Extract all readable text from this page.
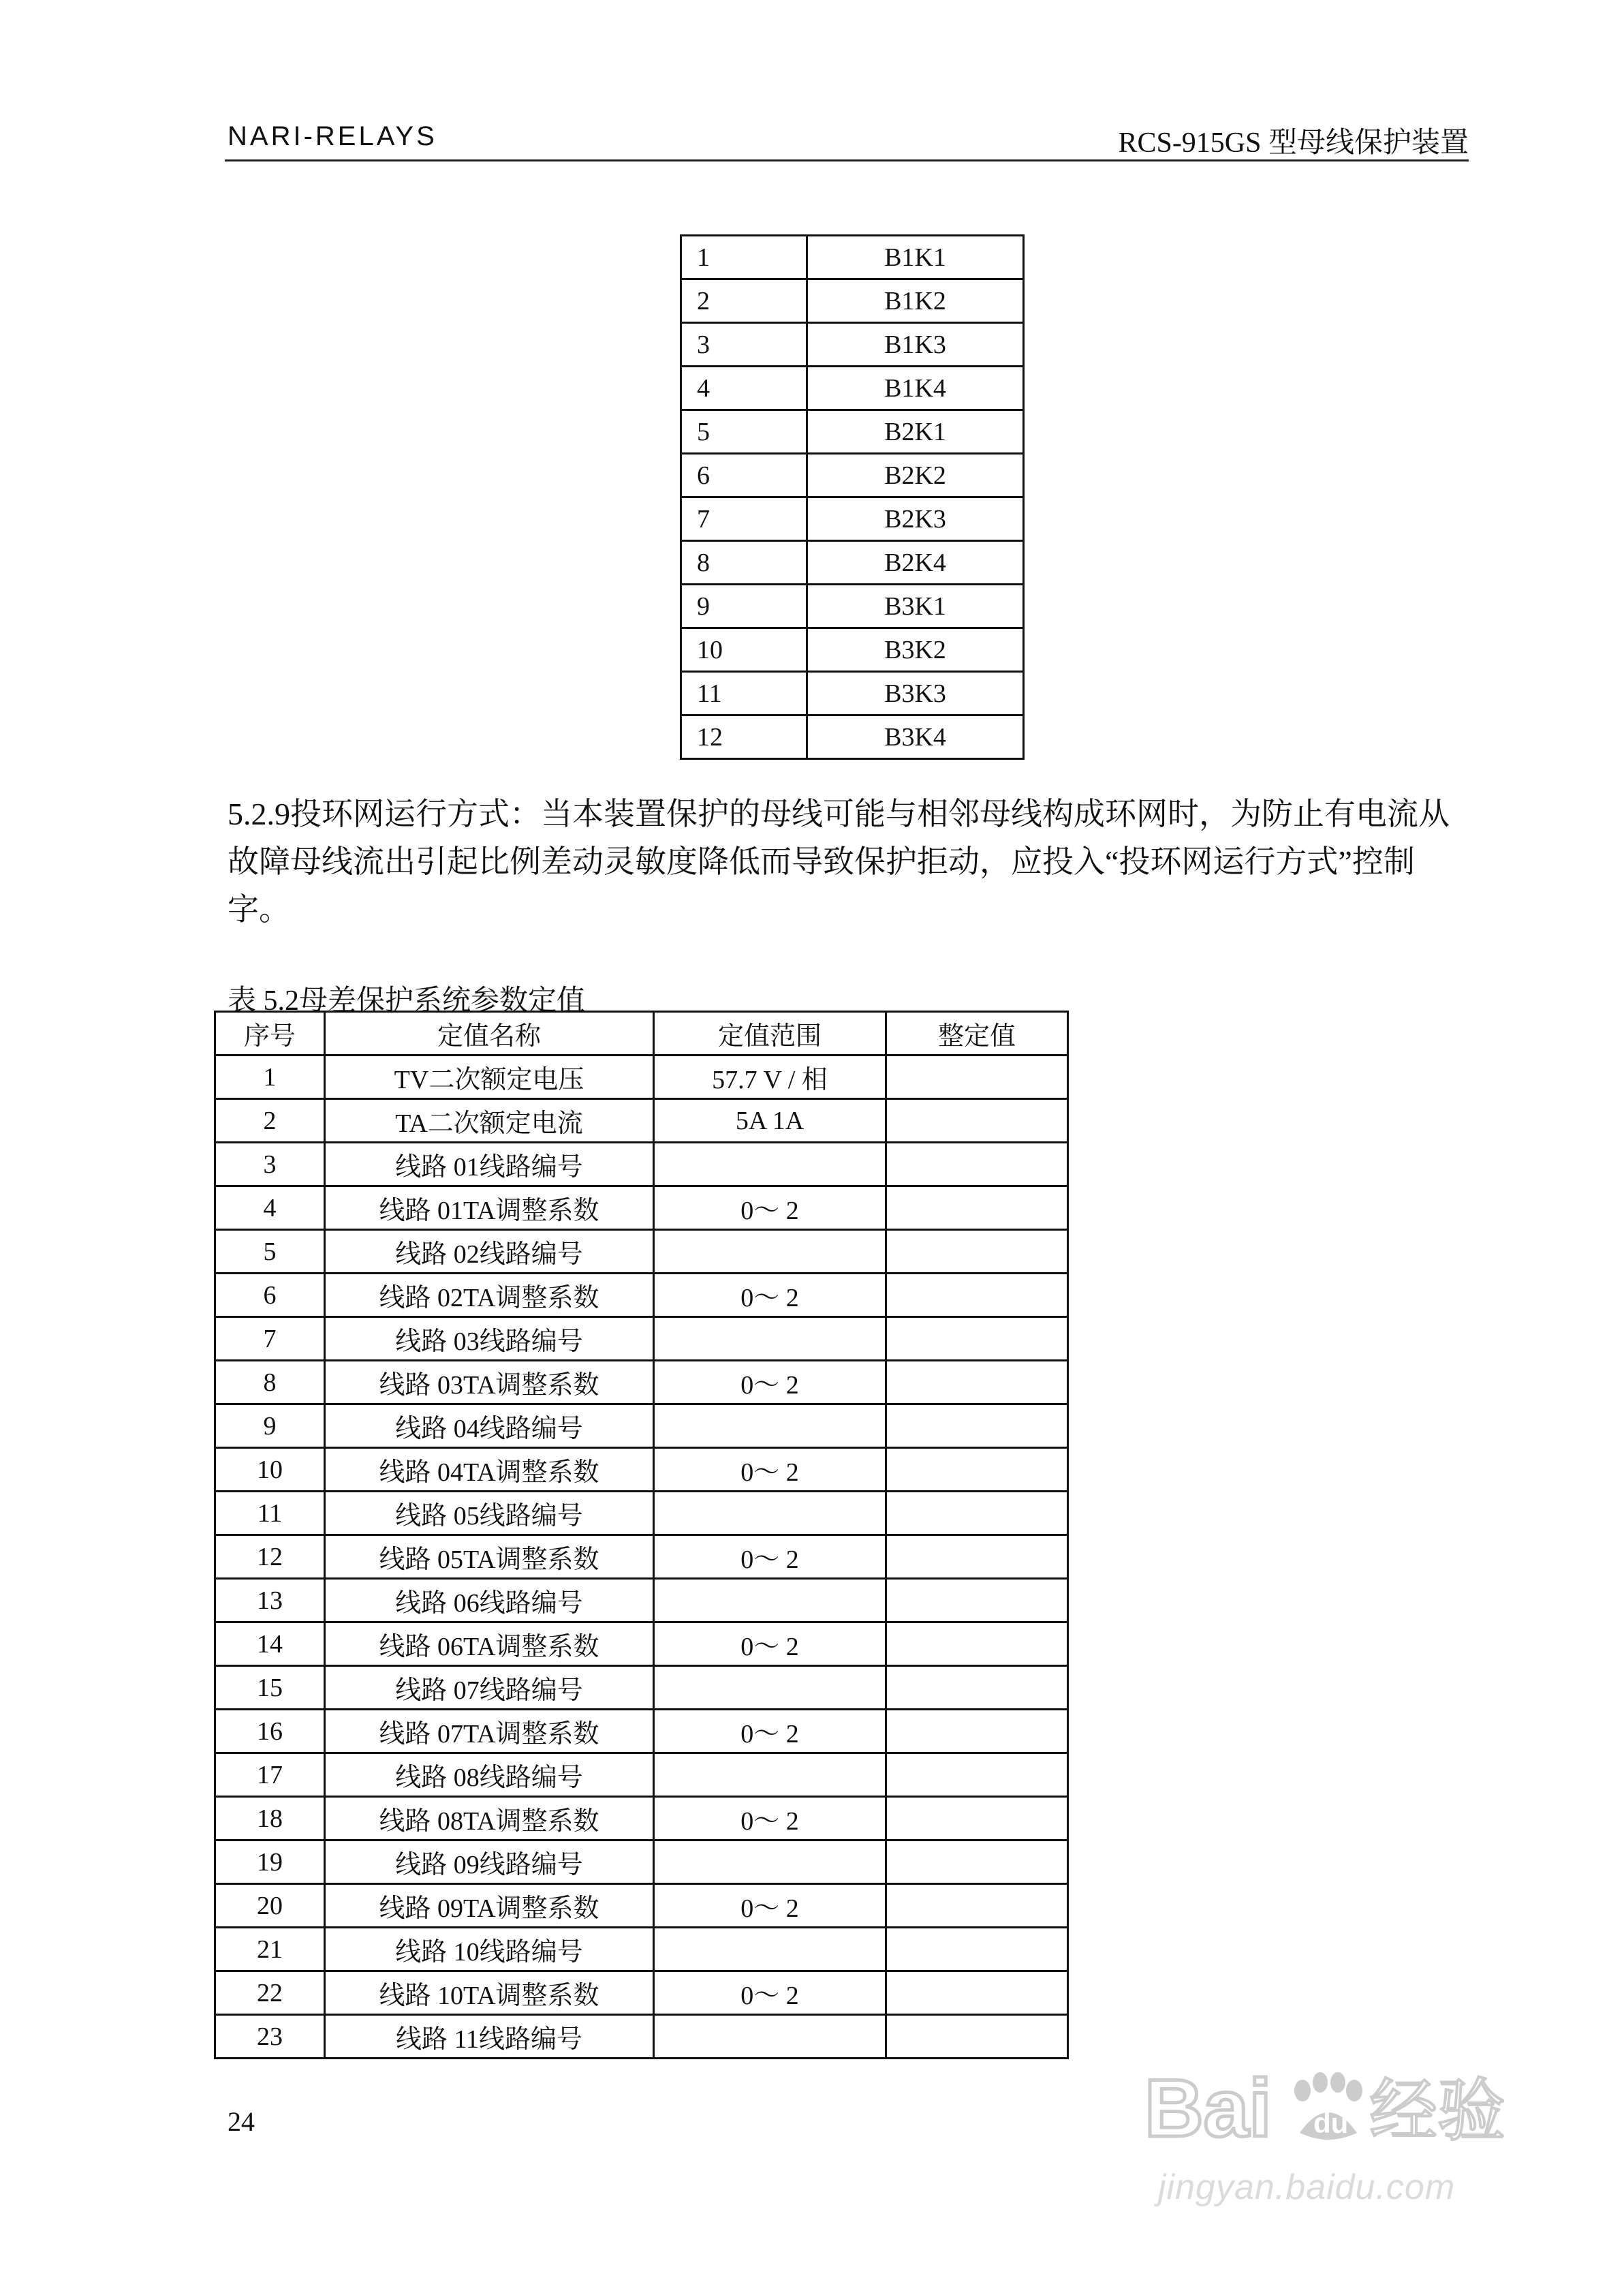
NARI-RELAYS	RCS-915GS 型母线保护装置
1	B1K1
2	B1K2
3	B1K3
4	B1K4
5	B2K1
6	B2K2
7	B2K3
8	B2K4
9	B3K1
10	B3K2
11	B3K3
12	B3K4
5.2.9投环网运行方式：当本装置保护的母线可能与相邻母线构成环网时，为防止有电流从故障母线流出引起比例差动灵敏度降低而导致保护拒动，应投入“投环网运行方式”控制字。
表 5.2母差保护系统参数定值
序号	定值名称	定值范围	整定值
1	TV二次额定电压	57.7 V / 相	
2	TA二次额定电流	5A 1A	
3	线路 01线路编号		
4	线路 01TA调整系数	0～ 2	
5	线路 02线路编号		
6	线路 02TA调整系数	0～ 2	
7	线路 03线路编号		
8	线路 03TA调整系数	0～ 2	
9	线路 04线路编号		
10	线路 04TA调整系数	0～ 2	
11	线路 05线路编号		
12	线路 05TA调整系数	0～ 2	
13	线路 06线路编号		
14	线路 06TA调整系数	0～ 2	
15	线路 07线路编号		
16	线路 07TA调整系数	0～ 2	
17	线路 08线路编号		
18	线路 08TA调整系数	0～ 2	
19	线路 09线路编号		
20	线路 09TA调整系数	0～ 2	
21	线路 10线路编号		
22	线路 10TA调整系数	0～ 2	
23	线路 11线路编号		
24	Bai du 经验
jingyan.baidu.com
